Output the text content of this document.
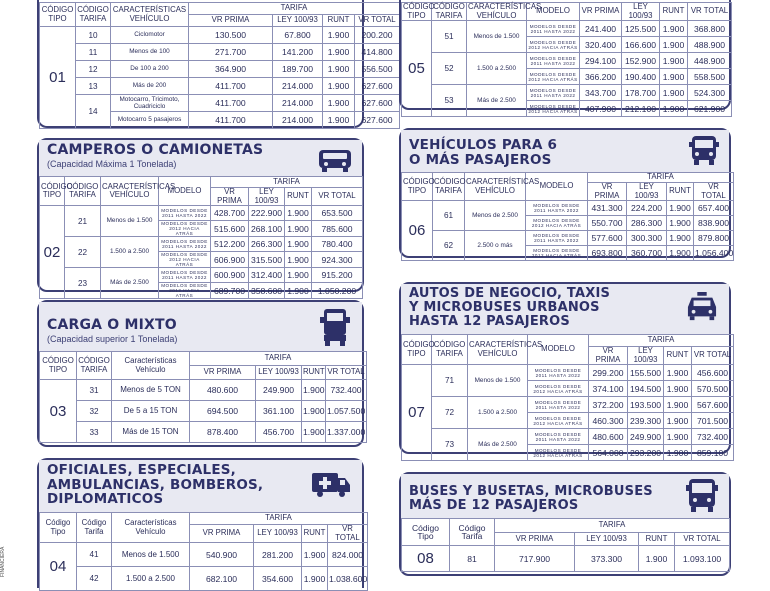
CÓDIGO TIPO	CÓDIGO TARIFA	CARACTERÍSTICAS VEHÍCULO	TARIFA			
			VR PRIMA	LEY 100/93	RUNT	VR TOTAL
01	10	Ciclomotor	130.500	67.800	1.900	200.200
	11	Menos de 100	271.700	141.200	1.900	414.800
	12	De 100 a 200	364.900	189.700	1.900	556.500
	13	Más de 200	411.700	214.000	1.900	627.600
	14	Motocarro, Tricimoto, Cuadriciclo	411.700	214.000	1.900	627.600
		Motocarro 5 pasajeros	411.700	214.000	1.900	627.600
CAMPEROS O CAMIONETAS
(Capacidad Máxima 1 Tonelada)
CÓDIGO TIPO	CÓDIGO TARIFA	CARACTERÍSTICAS VEHÍCULO	MODELO	TARIFA			
				VR PRIMA	LEY 100/93	RUNT	VR TOTAL
02	21	Menos de 1.500	MODELOS DESDE 2011 HASTA 2022	428.700	222.900	1.900	653.500
			MODELOS DESDE 2012 HACIA ATRÁS	515.600	268.100	1.900	785.600
	22	1.500 a 2.500	MODELOS DESDE 2011 HASTA 2022	512.200	266.300	1.900	780.400
			MODELOS DESDE 2012 HACIA ATRÁS	606.900	315.500	1.900	924.300
	23	Más de 2.500	MODELOS DESDE 2011 HASTA 2022	600.900	312.400	1.900	915.200
			MODELOS DESDE 2012 HACIA ATRÁS	689.700	358.600	1.900	1.050.200
CARGA O MIXTO
(Capacidad superior 1 Tonelada)
CÓDIGO TIPO	CÓDIGO TARIFA	Características Vehículo	TARIFA			
			VR PRIMA	LEY 100/93	RUNT	VR TOTAL
03	31	Menos de 5 TON	480.600	249.900	1.900	732.400
	32	De 5 a 15 TON	694.500	361.100	1.900	1.057.500
	33	Más de 15 TON	878.400	456.700	1.900	1.337.000
OFICIALES, ESPECIALES,
AMBULANCIAS, BOMBEROS,
DIPLOMATICOS
Código Tipo	Código Tarifa	Características Vehículo	TARIFA			
			VR PRIMA	LEY 100/93	RUNT	VR TOTAL
04	41	Menos de 1.500	540.900	281.200	1.900	824.000
	42	1.500 a 2.500	682.100	354.600	1.900	1.038.600
CÓDIGO TIPO	CÓDIGO TARIFA	CARACTERÍSTICAS VEHÍCULO	MODELO	VR PRIMA	LEY 100/93	RUNT	VR TOTAL
05	51	Menos de 1.500	MODELOS DESDE 2011 HASTA 2022	241.400	125.500	1.900	368.800
			MODELOS DESDE 2012 HACIA ATRÁS	320.400	166.600	1.900	488.900
	52	1.500 a 2.500	MODELOS DESDE 2011 HASTA 2022	294.100	152.900	1.900	448.900
			MODELOS DESDE 2012 HACIA ATRÁS	366.200	190.400	1.900	558.500
	53	Más de 2.500	MODELOS DESDE 2011 HASTA 2022	343.700	178.700	1.900	524.300
			MODELOS DESDE 2012 HACIA ATRÁS	407.900	212.100	1.900	621.900
VEHÍCULOS PARA 6
O MÁS PASAJEROS
CÓDIGO TIPO	CÓDIGO TARIFA	CARACTERÍSTICAS VEHÍCULO	MODELO	TARIFA			
				VR PRIMA	LEY 100/93	RUNT	VR TOTAL
06	61	Menos de 2.500	MODELOS DESDE 2011 HASTA 2022	431.300	224.200	1.900	657.400
			MODELOS DESDE 2012 HACIA ATRÁS	550.700	286.300	1.900	838.900
	62	2.500 o más	MODELOS DESDE 2011 HASTA 2022	577.600	300.300	1.900	879.800
			MODELOS DESDE 2012 HACIA ATRÁS	693.800	360.700	1.900	1.056.400
AUTOS DE NEGOCIO, TAXIS
Y MICROBUSES URBANOS
HASTA 12 PASAJEROS
CÓDIGO TIPO	CÓDIGO TARIFA	CARACTERÍSTICAS VEHÍCULO	MODELO	TARIFA			
				VR PRIMA	LEY 100/93	RUNT	VR TOTAL
07	71	Menos de 1.500	MODELOS DESDE 2011 HASTA 2022	299.200	155.500	1.900	456.600
			MODELOS DESDE 2012 HACIA ATRÁS	374.100	194.500	1.900	570.500
	72	1.500 a 2.500	MODELOS DESDE 2011 HASTA 2022	372.200	193.500	1.900	567.600
			MODELOS DESDE 2012 HACIA ATRÁS	460.300	239.300	1.900	701.500
	73	Más de 2.500	MODELOS DESDE 2011 HASTA 2022	480.600	249.900	1.900	732.400
			MODELOS DESDE 2012 HACIA ATRÁS	564.000	293.200	1.900	859.100
BUSES Y BUSETAS, MICROBUSES
MÁS DE 12 PASAJEROS
Código Tipo	Código Tarifa	TARIFA			
		VR PRIMA	LEY 100/93	RUNT	VR TOTAL
08	81	717.900	373.300	1.900	1.093.100
FINANCIERA
